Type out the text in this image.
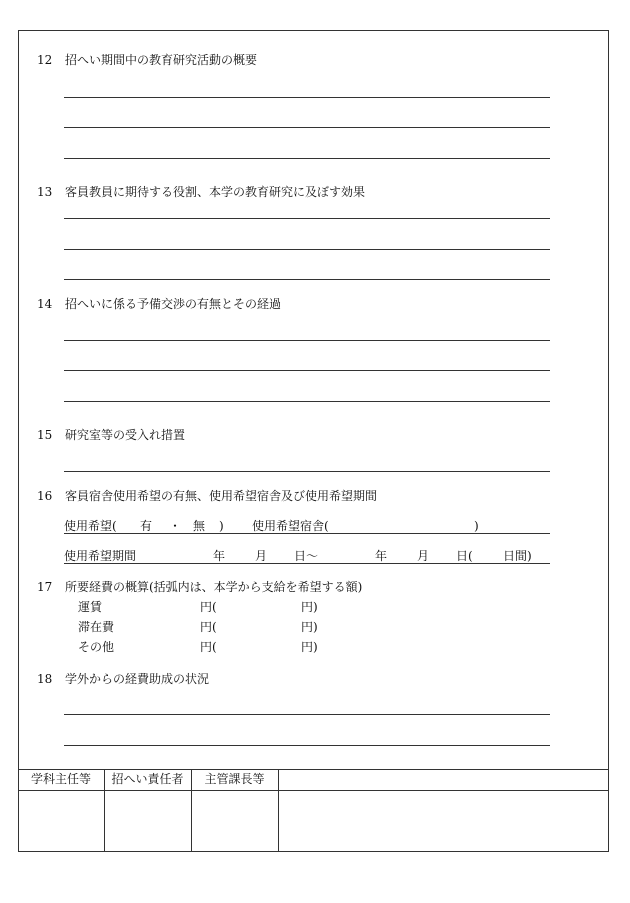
12 招へい期間中の教育研究活動の概要
13 客員教員に期待する役割、本学の教育研究に及ぼす効果
14 招へいに係る予備交渉の有無とその経過
15 研究室等の受入れ措置
16 客員宿舎使用希望の有無、使用希望宿舎及び使用希望期間
使用希望( 有 ・ 無 ) 使用希望宿舎(	)
使用希望期間	年 月 日〜	年 月 日(	日間)
17 所要経費の概算(括弧内は、本学から支給を希望する額)
運賃	円(	円)
滞在費	円(	円)
その他	円(	円)
18 学外からの経費助成の状況
学科主任等	招へい責任者	主管課長等
